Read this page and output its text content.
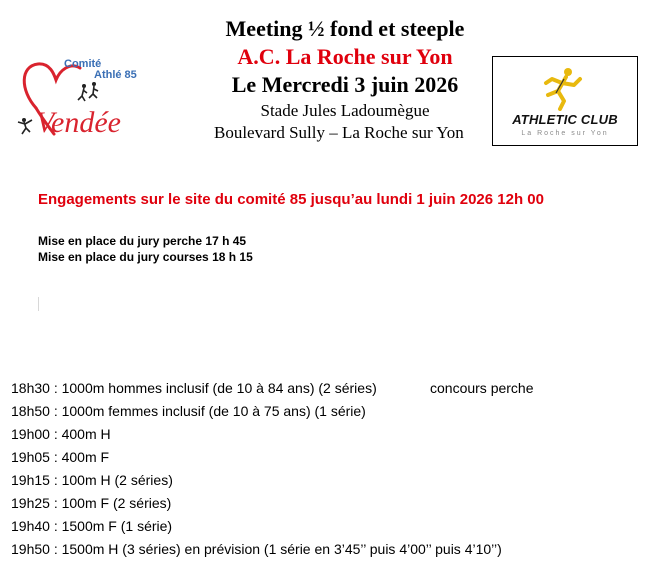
Meeting ½ fond et steeple
A.C. La Roche sur Yon
Le Mercredi 3 juin 2026
Stade Jules Ladoumègue
Boulevard Sully – La Roche sur Yon
Comité
Athlé 85
Vendée	ATHLETIC CLUB
La Roche sur Yon
Engagements sur le site du comité 85 jusqu’au lundi 1 juin 2026 12h 00
Mise en place du jury perche 17 h 45
Mise en place du jury courses 18 h 15
18h30 : 1000m hommes inclusif (de 10 à 84 ans) (2 séries)	concours perche
18h50 : 1000m femmes inclusif (de 10 à 75 ans) (1 série)
19h00 : 400m H
19h05 : 400m F
19h15 : 100m H (2 séries)
19h25 : 100m F (2 séries)
19h40 : 1500m F (1 série)
19h50 : 1500m H (3 séries) en prévision (1 série en 3’45’’ puis 4’00’’ puis 4’10’’)
